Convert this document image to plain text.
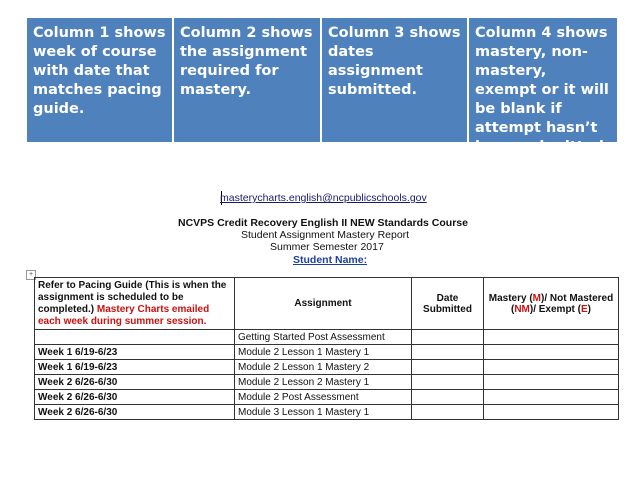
Column 1 shows week of course with date that matches pacing guide.
Column 2 shows the assignment required for mastery.
Column 3 shows dates assignment submitted.
Column 4 shows mastery, non-mastery, exempt or it will be blank if attempt hasn’t been submitted.
masterycharts.english@ncpublicschools.gov
NCVPS Credit Recovery English II NEW Standards Course
Student Assignment Mastery Report
Summer Semester 2017
Student Name:
+
Refer to Pacing Guide (This is when the assignment is scheduled to be completed.) Mastery Charts emailed each week during summer session.	Assignment	Date Submitted	Mastery (M)/ Not Mastered (NM)/ Exempt (E)
	Getting Started Post Assessment		
Week 1 6/19-6/23	Module 2 Lesson 1 Mastery 1		
Week 1 6/19-6/23	Module 2 Lesson 1 Mastery 2		
Week 2 6/26-6/30	Module 2 Lesson 2 Mastery 1		
Week 2 6/26-6/30	Module 2 Post Assessment		
Week 2 6/26-6/30	Module 3 Lesson 1 Mastery 1		
